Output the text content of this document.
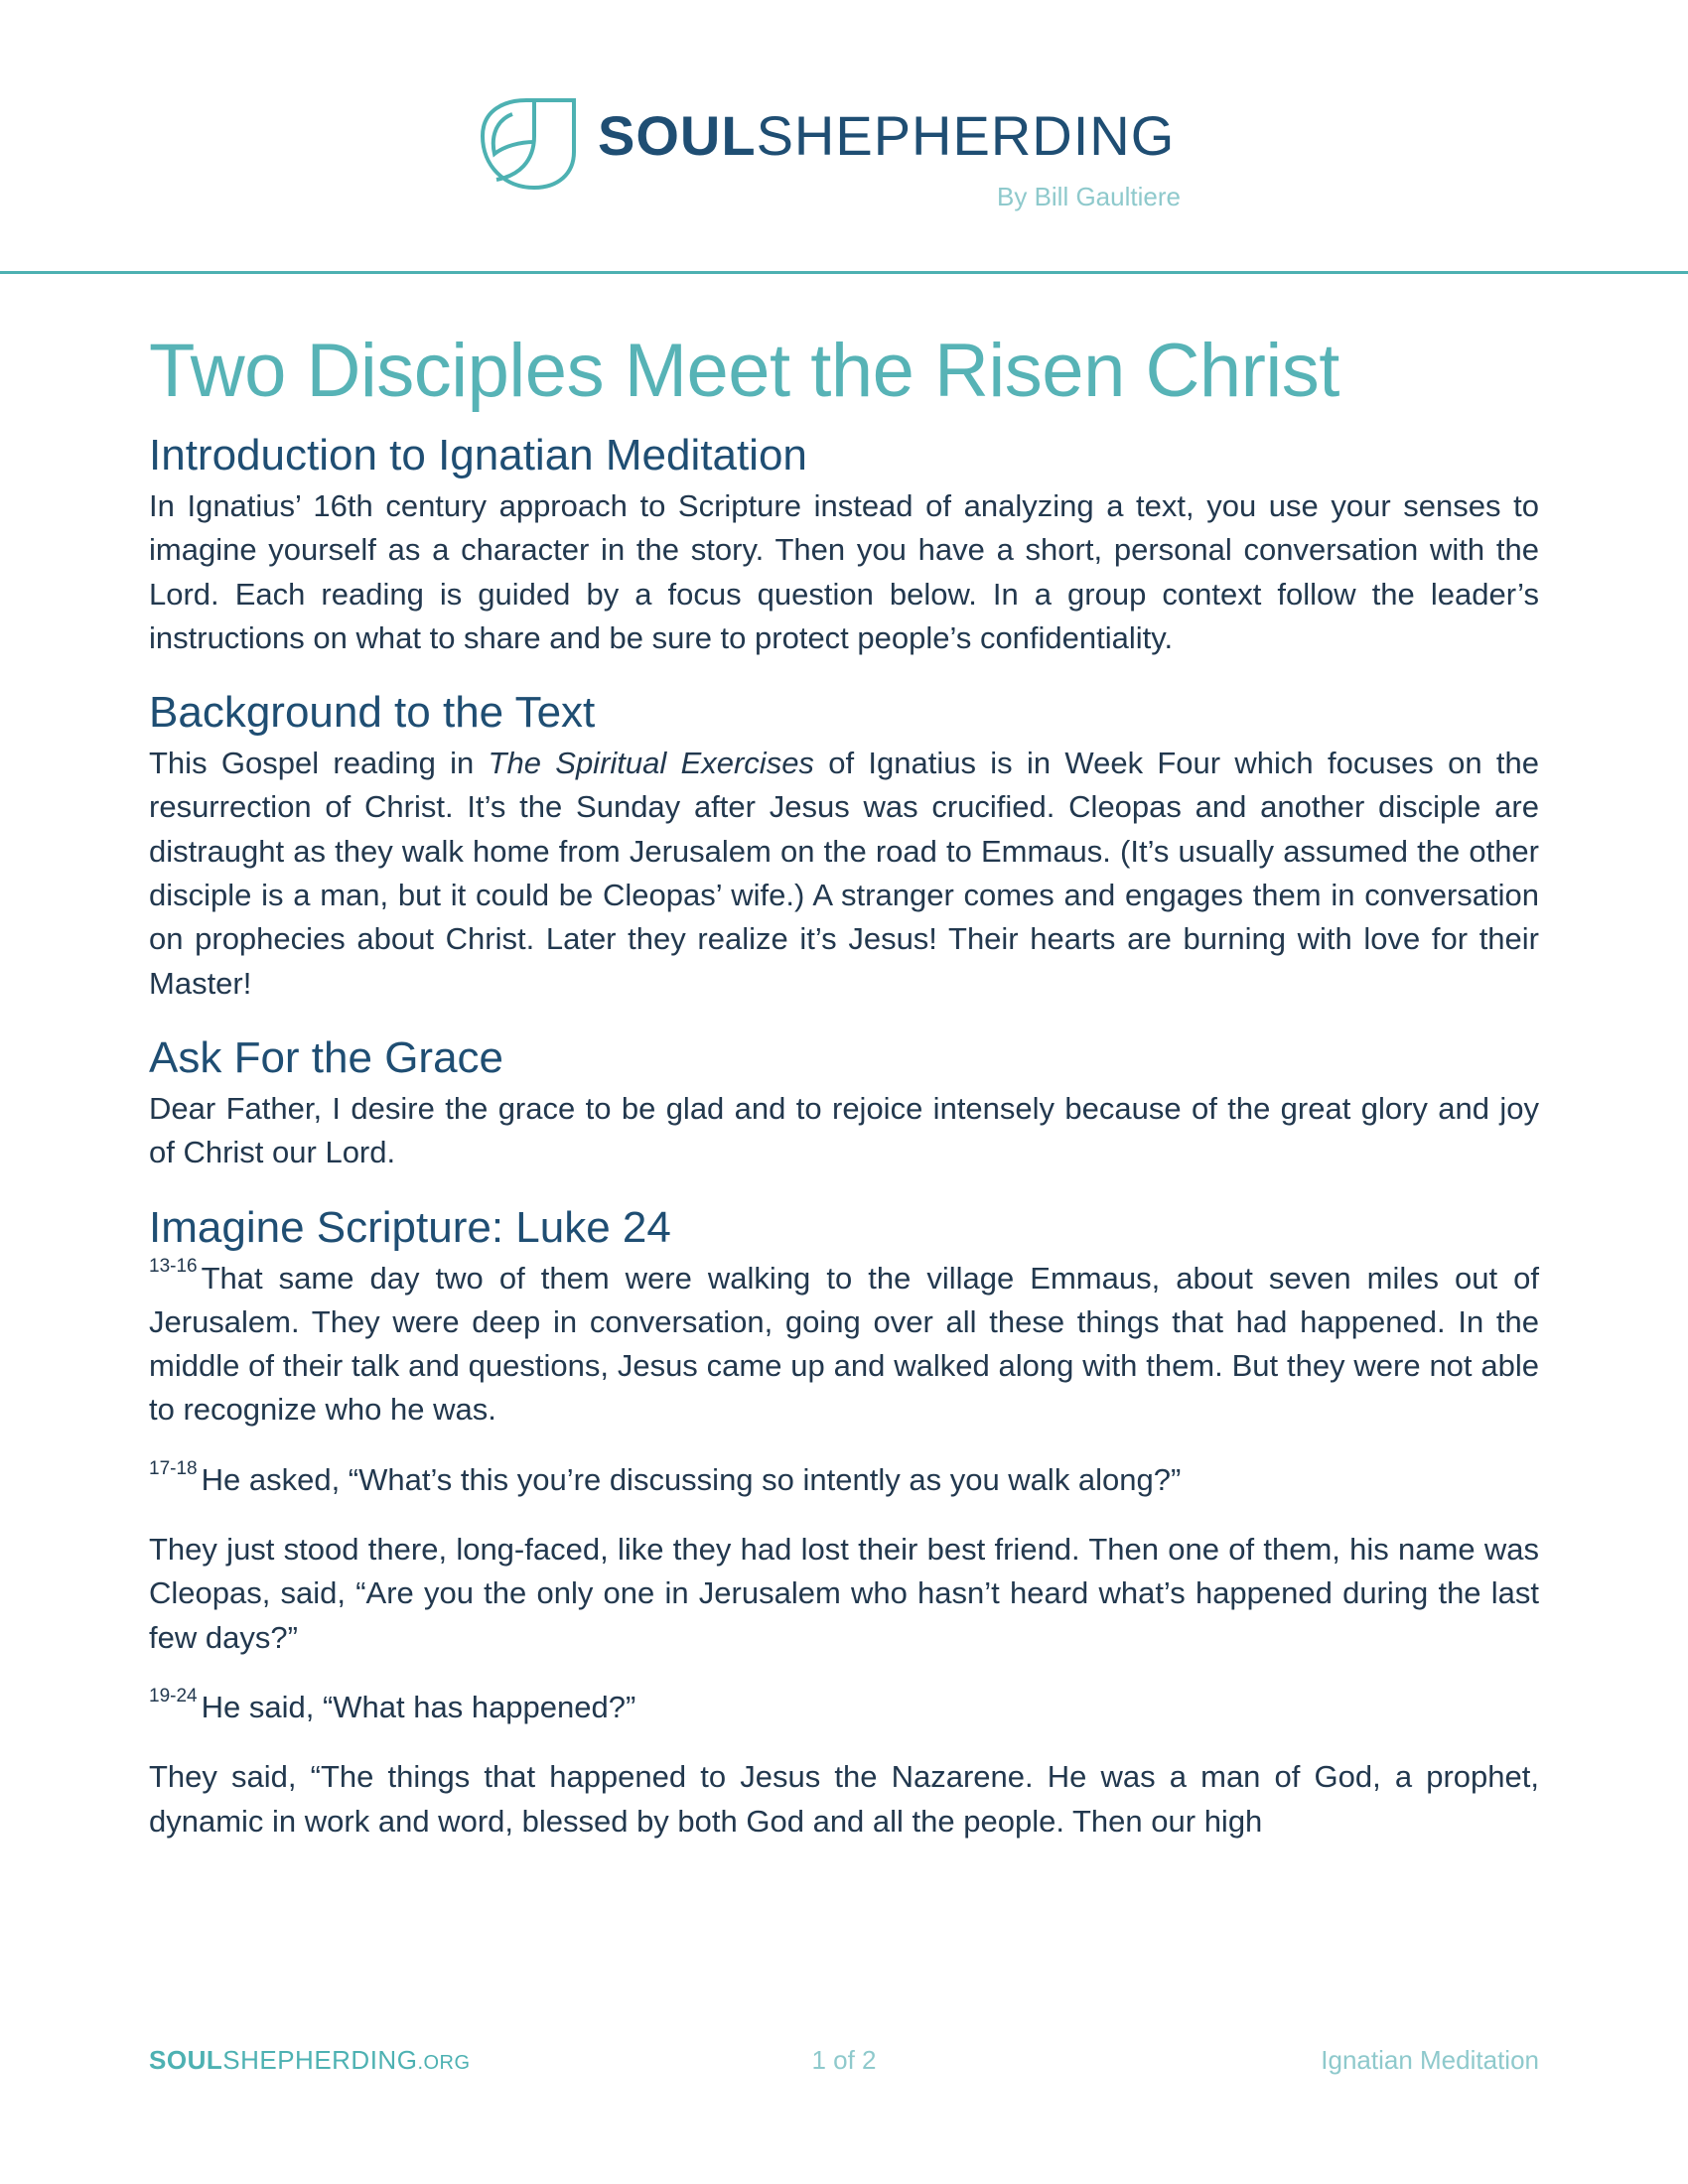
SOULSHEPHERDING
By Bill Gaultiere
Two Disciples Meet the Risen Christ
Introduction to Ignatian Meditation

In Ignatius’ 16th century approach to Scripture instead of analyzing a text, you use your senses to imagine yourself as a character in the story. Then you have a short, personal conversation with the Lord. Each reading is guided by a focus question below. In a group context follow the leader’s instructions on what to share and be sure to protect people’s confidentiality.

Background to the Text

This Gospel reading in The Spiritual Exercises of Ignatius is in Week Four which focuses on the resurrection of Christ. It’s the Sunday after Jesus was crucified. Cleopas and another disciple are distraught as they walk home from Jerusalem on the road to Emmaus. (It’s usually assumed the other disciple is a man, but it could be Cleopas’ wife.) A stranger comes and engages them in conversation on prophecies about Christ. Later they realize it’s Jesus! Their hearts are burning with love for their Master!

Ask For the Grace

Dear Father, I desire the grace to be glad and to rejoice intensely because of the great glory and joy of Christ our Lord.

Imagine Scripture: Luke 24

$^{13-16}$ That same day two of them were walking to the village Emmaus, about seven miles out of Jerusalem. They were deep in conversation, going over all these things that had happened. In the middle of their talk and questions, Jesus came up and walked along with them. But they were not able to recognize who he was.

$^{17-18}$ He asked, “What’s this you’re discussing so intently as you walk along?”

They just stood there, long-faced, like they had lost their best friend. Then one of them, his name was Cleopas, said, “Are you the only one in Jerusalem who hasn’t heard what’s happened during the last few days?”

$^{19-24}$ He said, “What has happened?”

They said, “The things that happened to Jesus the Nazarene. He was a man of God, a prophet, dynamic in work and word, blessed by both God and all the people. Then our high

SOULSHEPHERDING.ORG	1 of 2	Ignatian Meditation
